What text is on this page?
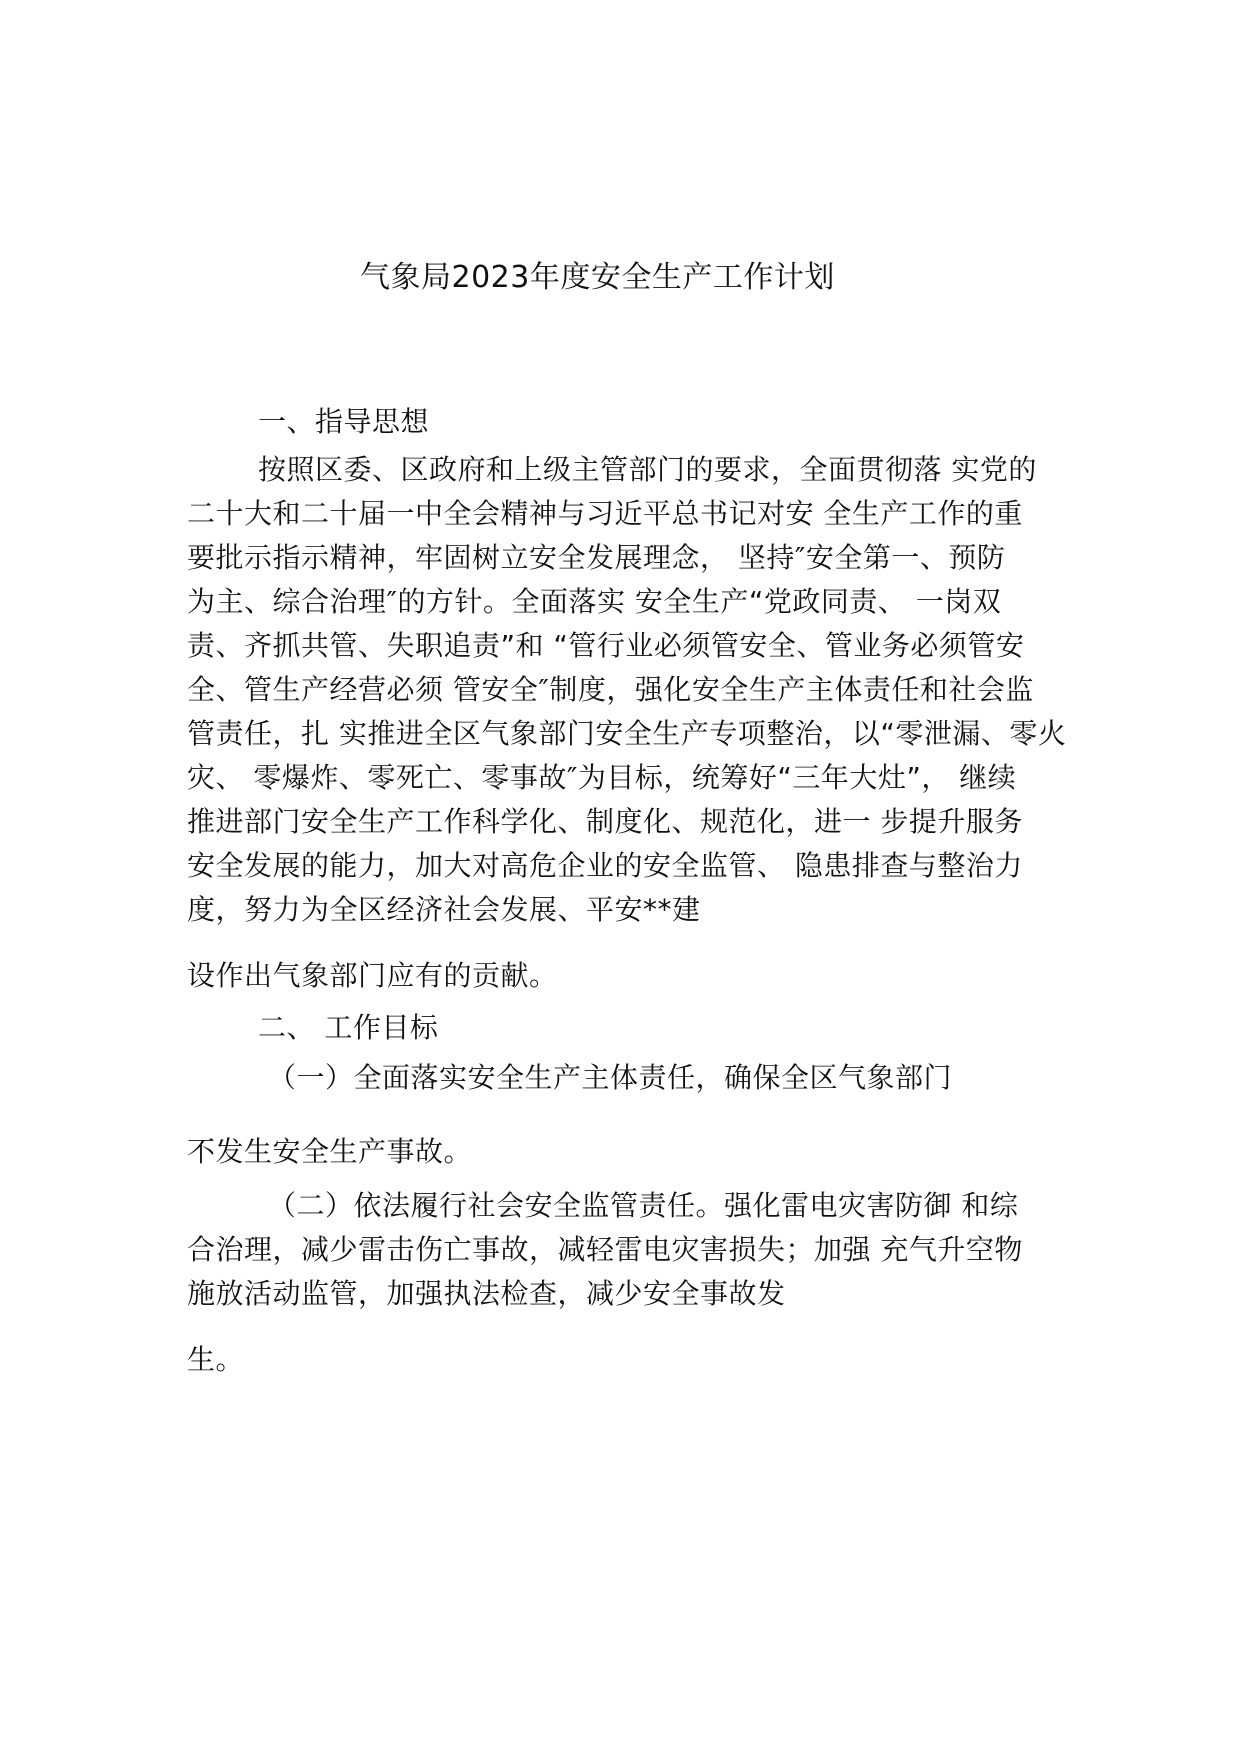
气象局2023年度安全生产工作计划
一、指导思想
按照区委、区政府和上级主管部门的要求，全面贯彻落 实党的
二十大和二十届一中全会精神与习近平总书记对安 全生产工作的重
要批示指示精神，牢固树立安全发展理念， 坚持″安全第一、预防
为主、综合治理″的方针。全面落实 安全生产“党政同责、 一岗双
责、齐抓共管、失职追责”和 “管行业必须管安全、管业务必须管安
全、管生产经营必须 管安全″制度，强化安全生产主体责任和社会监
管责任，扎 实推进全区气象部门安全生产专项整治，以“零泄漏、零火
灾、 零爆炸、零死亡、零事故″为目标，统筹好“三年大灶”， 继续
推进部门安全生产工作科学化、制度化、规范化，进一 步提升服务
安全发展的能力，加大对高危企业的安全监管、 隐患排查与整治力
度，努力为全区经济社会发展、平安**建
设作出气象部门应有的贡献。
二、 工作目标
（一）全面落实安全生产主体责任，确保全区气象部门
不发生安全生产事故。
（二）依法履行社会安全监管责任。强化雷电灾害防御 和综
合治理，减少雷击伤亡事故，减轻雷电灾害损失；加强 充气升空物
施放活动监管，加强执法检查，减少安全事故发
生。
